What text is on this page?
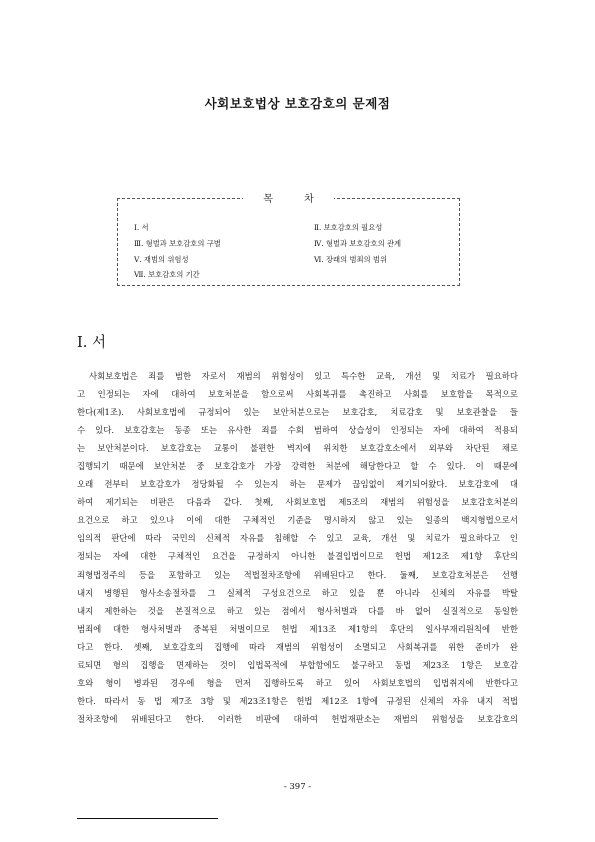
사회보호법상 보호감호의 문제점
목 차
Ⅰ. 서	Ⅱ. 보호감호의 필요성
Ⅲ. 형벌과 보호감호의 구별	Ⅳ. 형벌과 보호감호의 관계
Ⅴ. 재범의 위험성	Ⅵ. 장래의 범죄의 범위
Ⅶ. 보호감호의 기간
Ⅰ. 서
사회보호법은 죄를 범한 자로서 재범의 위험성이 있고 특수한 교육, 개선 및 치료가 필요하다
고 인정되는 자에 대하여 보호처분을 함으로써 사회복귀를 촉진하고 사회를 보호함을 목적으로
한다(제1조). 사회보호법에 규정되어 있는 보안처분으로는 보호감호, 치료감호 및 보호관찰을 들
수 있다. 보호감호는 동종 또는 유사한 죄를 수회 범하여 상습성이 인정되는 자에 대하여 적용되
는 보안처분이다. 보호감호는 교통이 불편한 벽지에 위치한 보호감호소에서 외부와 차단된 채로
집행되기 때문에 보안처분 중 보호감호가 가장 강력한 처분에 해당한다고 할 수 있다. 이 때문에
오래 전부터 보호감호가 정당화될 수 있는지 하는 문제가 끊임없이 제기되어왔다. 보호감호에 대
하여 제기되는 비판은 다음과 같다. 첫째, 사회보호법 제5조의 재범의 위험성을 보호감호처분의
요건으로 하고 있으나 이에 대한 구체적인 기준을 명시하지 않고 있는 일종의 백지형법으로서
임의적 판단에 따라 국민의 신체적 자유를 침해할 수 있고 교육, 개선 및 치료가 필요하다고 인
정되는 자에 대한 구체적인 요건을 규정하지 아니한 불결입법이므로 헌법 제12조 제1항 후단의
죄형법정주의 등을 포함하고 있는 적법절차조항에 위배된다고 한다. 둘째, 보호감호처분은 선행
내지 병행된 형사소송절차를 그 실체적 구성요건으로 하고 있을 뿐 아니라 신체의 자유를 박탈
내지 제한하는 것을 본질적으로 하고 있는 점에서 형사처벌과 다를 바 없어 실질적으로 동일한
범죄에 대한 형사처벌과 중복된 처벌이므로 헌법 제13조 제1항의 후단의 일사부재리원칙에 반한
다고 한다. 셋째, 보호감호의 집행에 따라 재범의 위험성이 소멸되고 사회복귀를 위한 준비가 완
료되면 형의 집행을 면제하는 것이 입법목적에 부합함에도 불구하고 동법 제23조 1항은 보호감
호와 형이 병과된 경우에 형을 먼저 집행하도록 하고 있어 사회보호법의 입법취지에 반한다고
한다. 따라서 동 법 제7조 3항 및 제23조1항은 헌법 제12조 1항에 규정된 신체의 자유 내지 적법
절차조항에 위배된다고 한다. 이러한 비판에 대하여 헌법재판소는 재범의 위험성을 보호감호의
- 397 -
